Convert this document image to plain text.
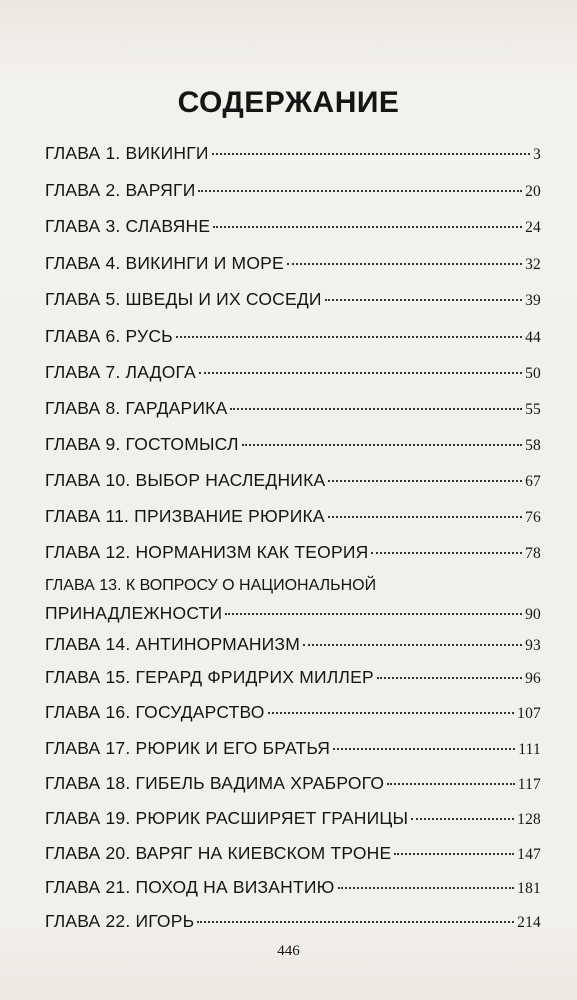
СОДЕРЖАНИЕ
ГЛАВА 1. ВИКИНГИ	3
ГЛАВА 2. ВАРЯГИ	20
ГЛАВА 3. СЛАВЯНЕ	24
ГЛАВА 4. ВИКИНГИ И МОРЕ	32
ГЛАВА 5. ШВЕДЫ И ИХ СОСЕДИ	39
ГЛАВА 6. РУСЬ	44
ГЛАВА 7. ЛАДОГА	50
ГЛАВА 8. ГАРДАРИКА	55
ГЛАВА 9. ГОСТОМЫСЛ	58
ГЛАВА 10. ВЫБОР НАСЛЕДНИКА	67
ГЛАВА 11. ПРИЗВАНИЕ РЮРИКА	76
ГЛАВА 12. НОРМАНИЗМ КАК ТЕОРИЯ	78
ГЛАВА 13. К ВОПРОСУ О НАЦИОНАЛЬНОЙ
ПРИНАДЛЕЖНОСТИ	90
ГЛАВА 14. АНТИНОРМАНИЗМ	93
ГЛАВА 15. ГЕРАРД ФРИДРИХ МИЛЛЕР	96
ГЛАВА 16. ГОСУДАРСТВО	107
ГЛАВА 17. РЮРИК И ЕГО БРАТЬЯ	111
ГЛАВА 18. ГИБЕЛЬ ВАДИМА ХРАБРОГО	117
ГЛАВА 19. РЮРИК РАСШИРЯЕТ ГРАНИЦЫ	128
ГЛАВА 20. ВАРЯГ НА КИЕВСКОМ ТРОНЕ	147
ГЛАВА 21. ПОХОД НА ВИЗАНТИЮ	181
ГЛАВА 22. ИГОРЬ	214
446
